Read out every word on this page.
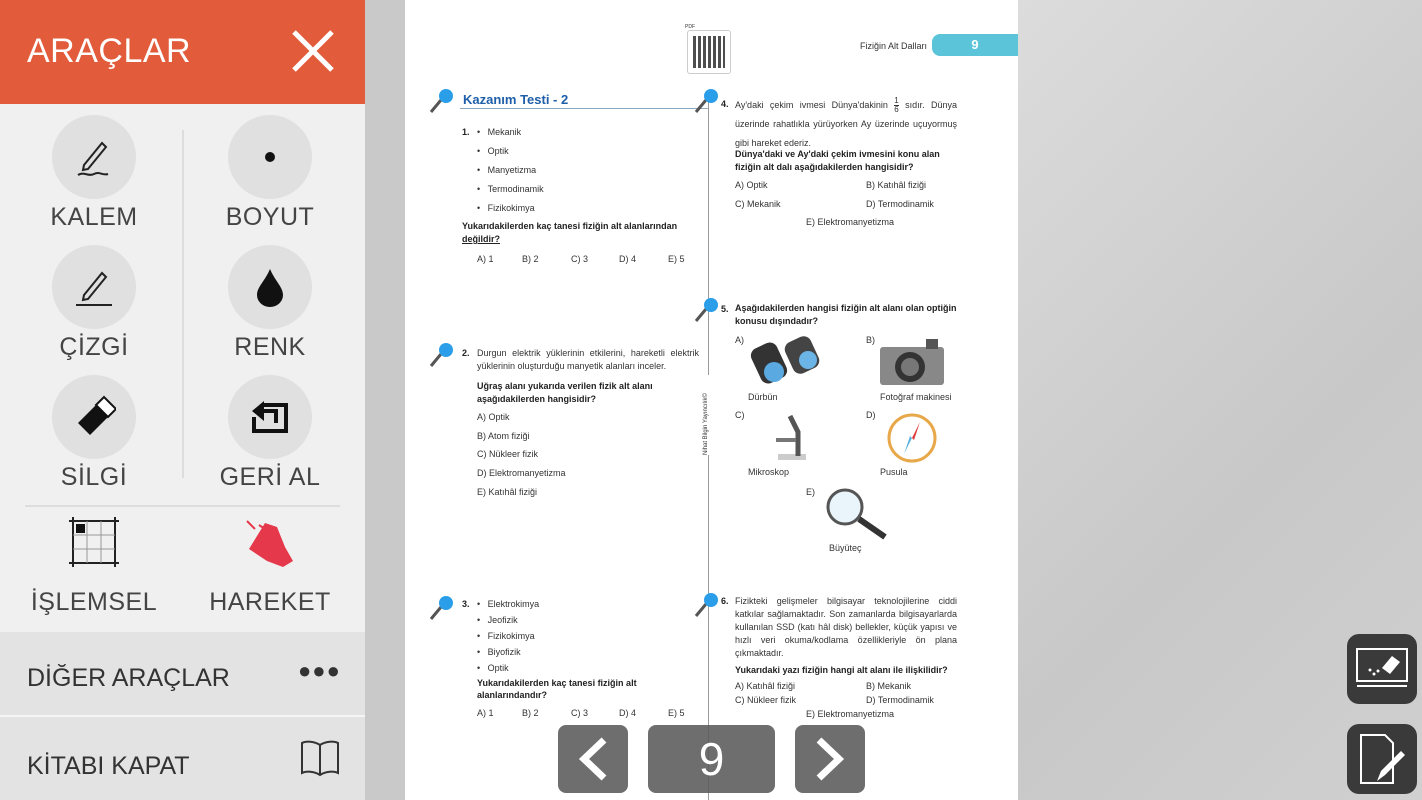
ARAÇLAR
KALEM	BOYUT
ÇİZGİ	RENK
SİLGİ	GERİ AL
İŞLEMSEL	HAREKET
DİĞER ARAÇLAR	●●●
KİTABI KAPAT
PDF
Fiziğin Alt Dalları	9
Kazanım Testi - 2
Nihat Bilgin Yayıncılık©
1. •   Mekanik
•   Optik
•   Manyetizma
•   Termodinamik
•   Fizikokimya
Yukarıdakilerden kaç tanesi fiziğin alt alanlarından
değildir?
A) 1	B) 2	C) 3	D) 4	E) 5
2. Durgun elektrik yüklerinin etkilerini, hareketli elektrik yüklerinin oluşturduğu manyetik alanları inceler.
Uğraş alanı yukarıda verilen fizik alt alanı aşağıdakilerden hangisidir?
A) Optik
B) Atom fiziği
C) Nükleer fizik
D) Elektromanyetizma
E) Katıhâl fiziği
3. •   Elektrokimya
•   Jeofizik
•   Fizikokimya
•   Biyofizik
•   Optik
Yukarıdakilerden kaç tanesi fiziğin alt alanlarındandır?
A) 1	B) 2	C) 3	D) 4	E) 5
4. Ay'daki çekim ivmesi Dünya'dakinin $\frac{1}{6}$ sıdır. Dünya üzerinde rahatlıkla yürüyorken Ay üzerinde uçuyormuş gibi hareket ederiz.
Dünya'daki ve Ay'daki çekim ivmesini konu alan fiziğin alt dalı aşağıdakilerden hangisidir?
A) Optik	B) Katıhâl fiziği
C) Mekanik	D) Termodinamik
E) Elektromanyetizma
5. Aşağıdakilerden hangisi fiziğin alt alanı olan optiğin konusu dışındadır?
A)
Dürbün
B)
Fotoğraf makinesi
C)
Mikroskop
D)
Pusula
E)
Büyüteç
6. Fizikteki gelişmeler bilgisayar teknolojilerine ciddi katkılar sağlamaktadır. Son zamanlarda bilgisayarlarda kullanılan SSD (katı hâl disk) bellekler, küçük yapısı ve hızlı veri okuma/kodlama özellikleriyle ön plana çıkmaktadır.
Yukarıdaki yazı fiziğin hangi alt alanı ile ilişkilidir?
A) Katıhâl fiziği	B) Mekanik
C) Nükleer fizik	D) Termodinamik
E) Elektromanyetizma
9
